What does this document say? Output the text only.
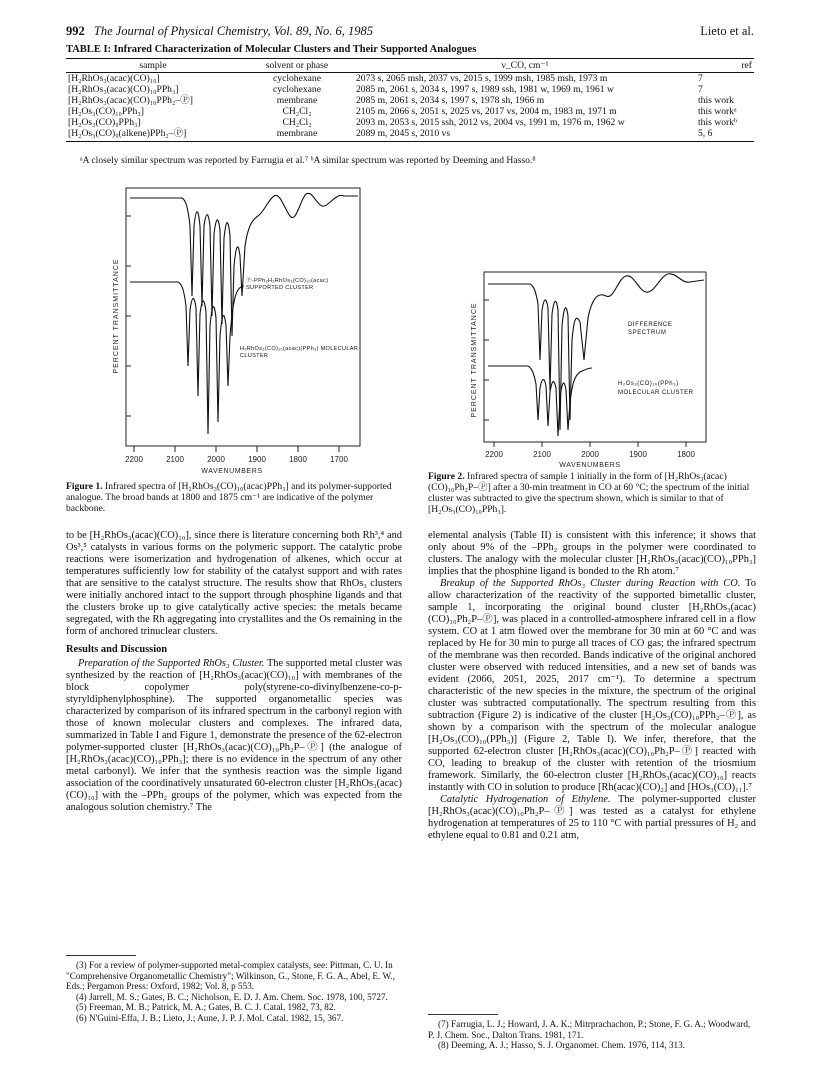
992 The Journal of Physical Chemistry, Vol. 89, No. 6, 1985	Lieto et al.
TABLE I: Infrared Characterization of Molecular Clusters and Their Supported Analogues
sample	solvent or phase	ν_CO, cm⁻¹	ref
[H₂RhOs₃(acac)(CO)₁₀]	cyclohexane	2073 s, 2065 msh, 2037 vs, 2015 s, 1999 msh, 1985 msh, 1973 m	7
[H₂RhOs₃(acac)(CO)₁₀PPh₃]	cyclohexane	2085 m, 2061 s, 2034 s, 1997 s, 1989 ssh, 1981 w, 1969 m, 1961 w	7
[H₂RhOs₃(acac)(CO)₁₀PPh₂–Ⓟ]	membrane	2085 m, 2061 s, 2034 s, 1997 s, 1978 sh, 1966 m	this work
[H₂Os₃(CO)₁₀PPh₃]	CH₂Cl₂	2105 m, 2066 s, 2051 s, 2025 vs, 2017 vs, 2004 m, 1983 m, 1971 m	this workᵃ
[H₂Os₃(CO)₉PPh₃]	CH₂Cl₂	2093 m, 2053 s, 2015 ssh, 2012 vs, 2004 vs, 1991 m, 1976 m, 1962 w	this workᵇ
[H₂Os₃(CO)₉(alkene)PPh₂–Ⓟ]	membrane	2089 m, 2045 s, 2010 vs	5, 6
ᵃA closely similar spectrum was reported by Farrugia et al.⁷ ᵇA similar spectrum was reported by Deeming and Hasso.⁸
PERCENT TRANSMITTANCE
2200	2100	2000	1900	1800	1700
WAVENUMBERS
Ⓟ-PPh₂H₂RhOs₃(CO)₁₀(acac) SUPPORTED CLUSTER
H₂RhOs₃(CO)₁₀(acac)(PPh₃) MOLECULAR CLUSTER
Figure 1. Infrared spectra of [H₂RhOs₃(CO)₁₀(acac)PPh₃] and its polymer-supported analogue. The broad bands at 1800 and 1875 cm⁻¹ are indicative of the polymer backbone.
PERCENT TRANSMITTANCE
2200	2100	2000	1900	1800
WAVENUMBERS
DIFFERENCE SPECTRUM
H₂Os₃(CO)₁₀(PPh₃) MOLECULAR CLUSTER
Figure 2. Infrared spectra of sample 1 initially in the form of [H₂RhOs₃(acac)(CO)₁₀Ph₂P–Ⓟ] after a 30-min treatment in CO at 60 °C; the spectrum of the initial cluster was subtracted to give the spectrum shown, which is similar to that of [H₂Os₃(CO)₁₀PPh₃].

to be [H₂RhOs₃(acac)(CO)₁₀], since there is literature concerning both Rh³,⁴ and Os³,⁵ catalysts in various forms on the polymeric support. The catalytic probe reactions were isomerization and hydrogenation of alkenes, which occur at temperatures sufficiently low for stability of the catalyst support and with rates that are sensitive to the catalyst structure. The results show that RhOs₃ clusters were initially anchored intact to the support through phosphine ligands and that the clusters broke up to give catalytically active species: the metals became segregated, with the Rh aggregating into crystallites and the Os remaining in the form of anchored trinuclear clusters.

Results and Discussion

Preparation of the Supported RhOs₃ Cluster. The supported metal cluster was synthesized by the reaction of [H₂RhOs₃(acac)(CO)₁₀] with membranes of the block copolymer poly(styrene-co-divinylbenzene-co-p-styryldiphenylphosphine). The supported organometallic species was characterized by comparison of its infrared spectrum in the carbonyl region with those of known molecular clusters and complexes. The infrared data, summarized in Table I and Figure 1, demonstrate the presence of the 62-electron polymer-supported cluster [H₂RhOs₃(acac)(CO)₁₀Ph₂P–Ⓟ] (the analogue of [H₂RhOs₃(acac)(CO)₁₀PPh₃]; there is no evidence in the spectrum of any other metal carbonyl). We infer that the synthesis reaction was the simple ligand association of the coordinatively unsaturated 60-electron cluster [H₂RhOs₃(acac)(CO)₁₀] with the –PPh₂ groups of the polymer, which was expected from the analogous solution chemistry.⁷ The

elemental analysis (Table II) is consistent with this inference; it shows that only about 9% of the –PPh₂ groups in the polymer were coordinated to clusters. The analogy with the molecular cluster [H₂RhOs₃(acac)(CO)₁₀PPh₃] implies that the phosphine ligand is bonded to the Rh atom.⁷

Breakup of the Supported RhOs₃ Cluster during Reaction with CO. To allow characterization of the reactivity of the supported bimetallic cluster, sample 1, incorporating the original bound cluster [H₂RhOs₃(acac)(CO)₁₀Ph₂P–Ⓟ], was placed in a controlled-atmosphere infrared cell in a flow system. CO at 1 atm flowed over the membrane for 30 min at 60 °C and was replaced by He for 30 min to purge all traces of CO gas; the infrared spectrum of the membrane was then recorded. Bands indicative of the original anchored cluster were observed with reduced intensities, and a new set of bands was evident (2066, 2051, 2025, 2017 cm⁻¹). To determine a spectrum characteristic of the new species in the mixture, the spectrum of the original cluster was subtracted computationally. The spectrum resulting from this subtraction (Figure 2) is indicative of the cluster [H₂Os₃(CO)₁₀PPh₂–Ⓟ], as shown by a comparison with the spectrum of the molecular analogue [H₂Os₃(CO)₁₀(PPh₃)] (Figure 2, Table I). We infer, therefore, that the supported 62-electron cluster [H₂RhOs₃(acac)(CO)₁₀Ph₂P–Ⓟ] reacted with CO, leading to breakup of the cluster with retention of the triosmium framework. Similarly, the 60-electron cluster [H₂RhOs₃(acac)(CO)₁₀] reacts instantly with CO in solution to produce [Rh(acac)(CO)₂] and [HOs₃(CO)₁₁].⁷

Catalytic Hydrogenation of Ethylene. The polymer-supported cluster [H₂RhOs₃(acac)(CO)₁₀Ph₂P–Ⓟ] was tested as a catalyst for ethylene hydrogenation at temperatures of 25 to 110 °C with partial pressures of H₂ and ethylene equal to 0.81 and 0.21 atm,

(3) For a review of polymer-supported metal-complex catalysts, see: Pittman, C. U. In "Comprehensive Organometallic Chemistry"; Wilkinson, G., Stone, F. G. A., Abel, E. W., Eds.; Pergamon Press: Oxford, 1982; Vol. 8, p 553.

(4) Jarrell, M. S.; Gates, B. C.; Nicholson, E. D. J. Am. Chem. Soc. 1978, 100, 5727.

(5) Freeman, M. B.; Patrick, M. A.; Gates, B. C. J. Catal. 1982, 73, 82.

(6) N'Guini-Effa, J. B.; Lieto, J.; Aune, J. P. J. Mol. Catal. 1982, 15, 367.

(7) Farrugia, L. J.; Howard, J. A. K.; Mitrprachachon, P.; Stone, F. G. A.; Woodward, P. J. Chem. Soc., Dalton Trans. 1981, 171.

(8) Deeming, A. J.; Hasso, S. J. Organomet. Chem. 1976, 114, 313.
